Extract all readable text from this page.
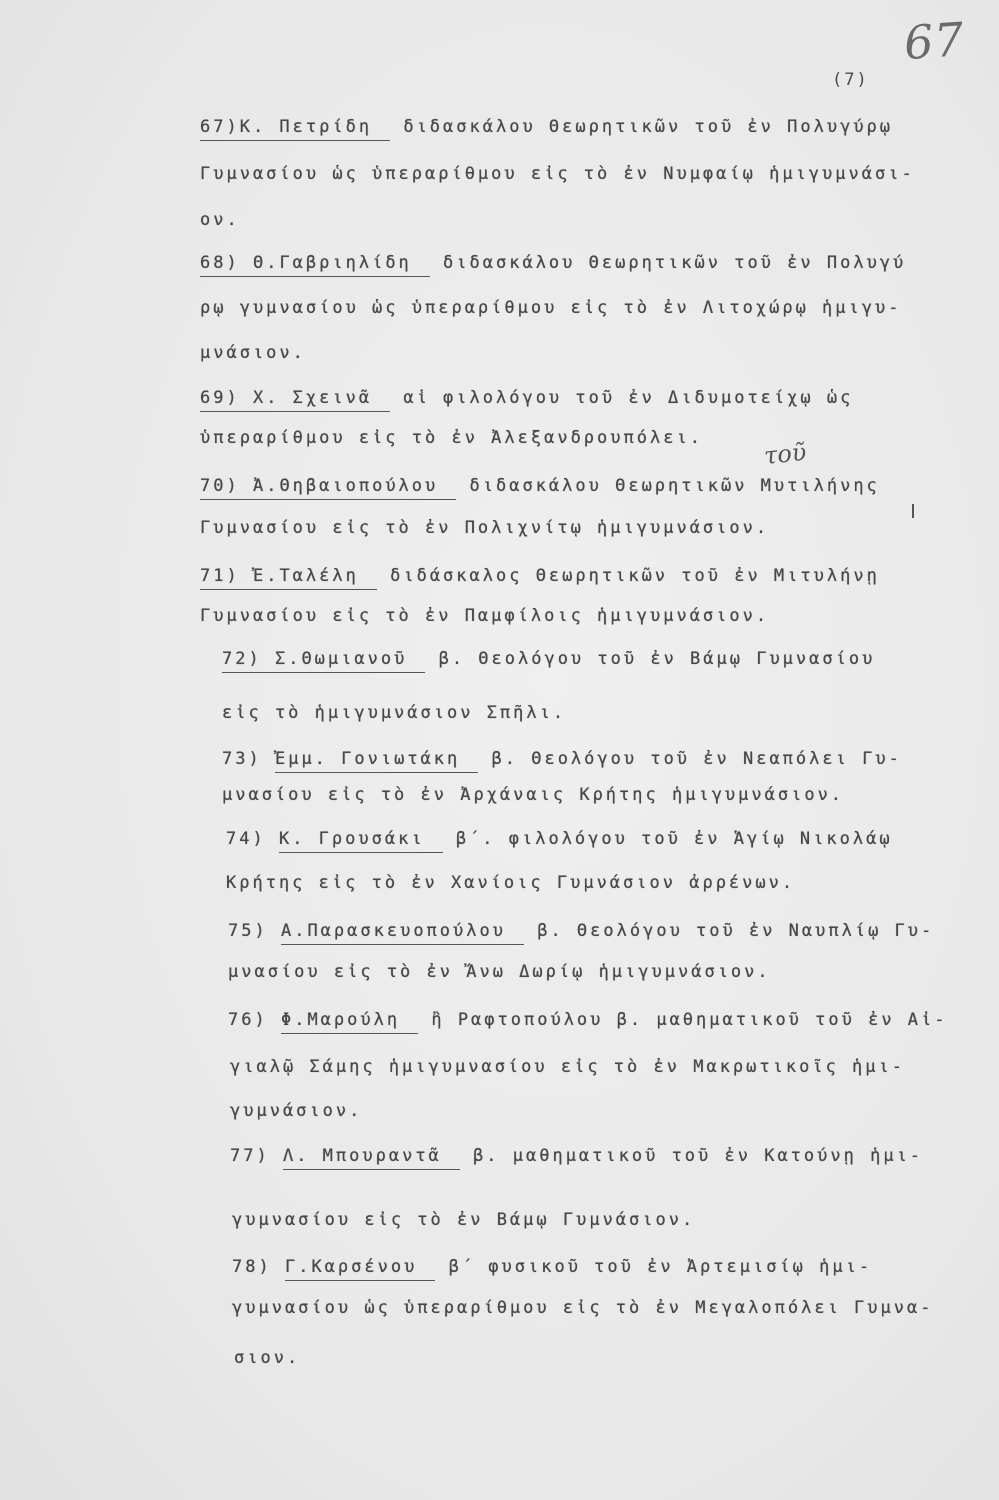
67
(7)
67)Κ. Πετρίδη διδασκάλου Θεωρητικῶν τοῦ ἐν Πολυγύρῳ
Γυμνασίου ὡς ὑπεραρίθμου εἰς τὸ ἐν Νυμφαίῳ ἡμιγυμνάσι-
ον.
68) Θ.Γαβριηλίδη διδασκάλου Θεωρητικῶν τοῦ ἐν Πολυγύ
ρῳ γυμνασίου ὡς ὑπεραρίθμου εἰς τὸ ἐν Λιτοχώρῳ ἡμιγυ-
μνάσιον.
69) Χ. Σχεινᾶ αἱ φιλολόγου τοῦ ἐν Διδυμοτείχῳ ὡς
ὑπεραρίθμου εἰς τὸ ἐν Ἀλεξανδρουπόλει. τοῦ
70) Ἀ.Θηβαιοπούλου διδασκάλου Θεωρητικῶν Μυτιλήνης
Γυμνασίου εἰς τὸ ἐν Πολιχνίτῳ ἡμιγυμνάσιον.
71) Ἐ.Ταλέλη διδάσκαλος Θεωρητικῶν τοῦ ἐν Μιτυλήνῃ
Γυμνασίου εἰς τὸ ἐν Παμφίλοις ἡμιγυμνάσιον.
72) Σ.Θωμιανοῦ β. Θεολόγου τοῦ ἐν Βάμῳ Γυμνασίου
εἰς τὸ ἡμιγυμνάσιον Σπῆλι.
73) Ἐμμ. Γονιωτάκη β. Θεολόγου τοῦ ἐν Νεαπόλει Γυ-
μνασίου εἰς τὸ ἐν Ἀρχάναις Κρήτης ἡμιγυμνάσιον.
74) Κ. Γρουσάκι β΄. φιλολόγου τοῦ ἐν Ἁγίῳ Νικολάῳ
Κρήτης εἰς τὸ ἐν Χανίοις Γυμνάσιον ἀρρένων.
75) Α.Παρασκευοπούλου β. Θεολόγου τοῦ ἐν Ναυπλίῳ Γυ-
μνασίου εἰς τὸ ἐν Ἄνω Δωρίῳ ἡμιγυμνάσιον.
76) Φ.Μαρούλη ἢ Ραφτοπούλου β. μαθηματικοῦ τοῦ ἐν Αἰ-
γιαλῷ Σάμης ἡμιγυμνασίου εἰς τὸ ἐν Μακρωτικοῖς ἡμι-
γυμνάσιον.
77) Λ. Μπουραντᾶ β. μαθηματικοῦ τοῦ ἐν Κατούνῃ ἡμι-
γυμνασίου εἰς τὸ ἐν Βάμῳ Γυμνάσιον.
78) Γ.Καρσένου β΄ φυσικοῦ τοῦ ἐν Ἀρτεμισίῳ ἡμι-
γυμνασίου ὡς ὑπεραρίθμου εἰς τὸ ἐν Μεγαλοπόλει Γυμνα-
σιον.
